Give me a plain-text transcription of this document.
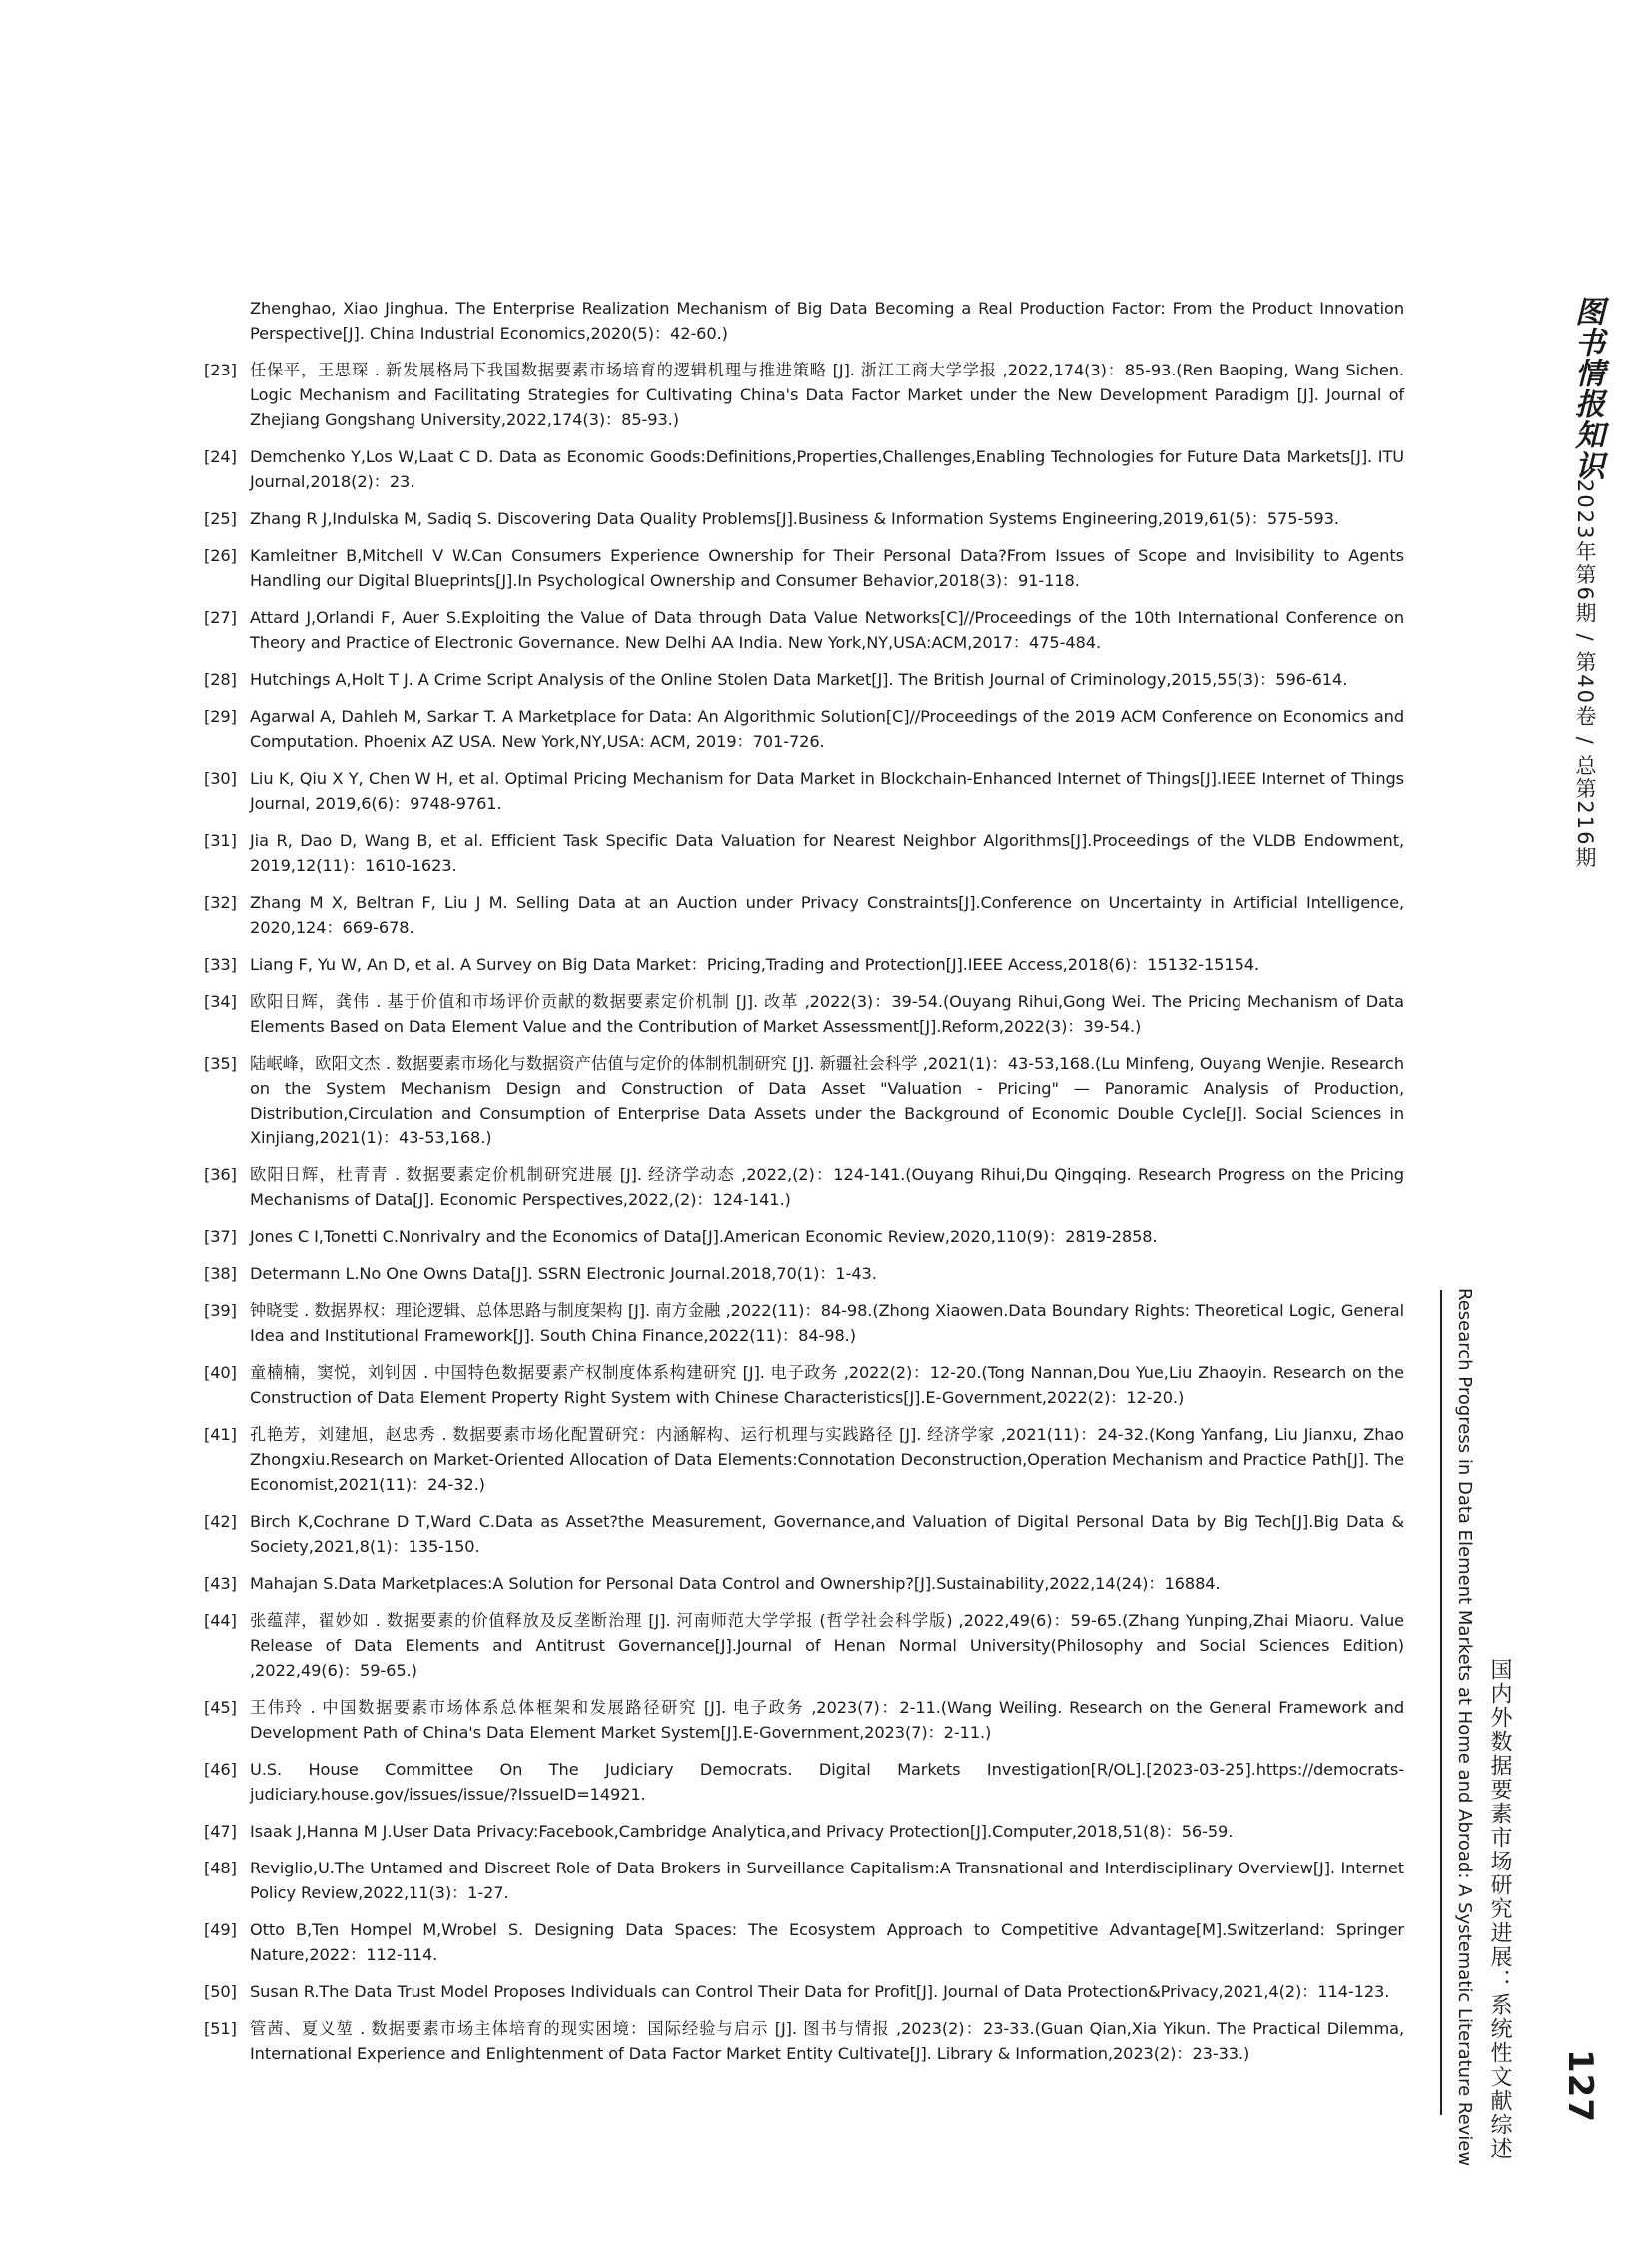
Zhenghao, Xiao Jinghua. The Enterprise Realization Mechanism of Big Data Becoming a Real Production Factor: From the Product Innovation Perspective[J]. China Industrial Economics,2020(5)：42-60.)
[23] 任保平，王思琛 . 新发展格局下我国数据要素市场培育的逻辑机理与推进策略 [J]. 浙江工商大学学报 ,2022,174(3)：85-93.(Ren Baoping, Wang Sichen. Logic Mechanism and Facilitating Strategies for Cultivating China's Data Factor Market under the New Development Paradigm [J]. Journal of Zhejiang Gongshang University,2022,174(3)：85-93.)
[24] Demchenko Y,Los W,Laat C D. Data as Economic Goods:Definitions,Properties,Challenges,Enabling Technologies for Future Data Markets[J]. ITU Journal,2018(2)：23.
[25] Zhang R J,Indulska M, Sadiq S. Discovering Data Quality Problems[J].Business & Information Systems Engineering,2019,61(5)：575-593.
[26] Kamleitner B,Mitchell V W.Can Consumers Experience Ownership for Their Personal Data?From Issues of Scope and Invisibility to Agents Handling our Digital Blueprints[J].In Psychological Ownership and Consumer Behavior,2018(3)：91-118.
[27] Attard J,Orlandi F, Auer S.Exploiting the Value of Data through Data Value Networks[C]//Proceedings of the 10th International Conference on Theory and Practice of Electronic Governance. New Delhi AA India. New York,NY,USA:ACM,2017：475-484.
[28] Hutchings A,Holt T J. A Crime Script Analysis of the Online Stolen Data Market[J]. The British Journal of Criminology,2015,55(3)：596-614.
[29] Agarwal A, Dahleh M, Sarkar T. A Marketplace for Data: An Algorithmic Solution[C]//Proceedings of the 2019 ACM Conference on Economics and Computation. Phoenix AZ USA. New York,NY,USA: ACM, 2019：701-726.
[30] Liu K, Qiu X Y, Chen W H, et al. Optimal Pricing Mechanism for Data Market in Blockchain-Enhanced Internet of Things[J].IEEE Internet of Things Journal, 2019,6(6)：9748-9761.
[31] Jia R, Dao D, Wang B, et al. Efficient Task Specific Data Valuation for Nearest Neighbor Algorithms[J].Proceedings of the VLDB Endowment, 2019,12(11)：1610-1623.
[32] Zhang M X, Beltran F, Liu J M. Selling Data at an Auction under Privacy Constraints[J].Conference on Uncertainty in Artificial Intelligence, 2020,124：669-678.
[33] Liang F, Yu W, An D, et al. A Survey on Big Data Market：Pricing,Trading and Protection[J].IEEE Access,2018(6)：15132-15154.
[34] 欧阳日辉，龚伟 . 基于价值和市场评价贡献的数据要素定价机制 [J]. 改革 ,2022(3)：39-54.(Ouyang Rihui,Gong Wei. The Pricing Mechanism of Data Elements Based on Data Element Value and the Contribution of Market Assessment[J].Reform,2022(3)：39-54.)
[35] 陆岷峰，欧阳文杰 . 数据要素市场化与数据资产估值与定价的体制机制研究 [J]. 新疆社会科学 ,2021(1)：43-53,168.(Lu Minfeng, Ouyang Wenjie. Research on the System Mechanism Design and Construction of Data Asset "Valuation - Pricing" — Panoramic Analysis of Production, Distribution,Circulation and Consumption of Enterprise Data Assets under the Background of Economic Double Cycle[J]. Social Sciences in Xinjiang,2021(1)：43-53,168.)
[36] 欧阳日辉，杜青青 . 数据要素定价机制研究进展 [J]. 经济学动态 ,2022,(2)：124-141.(Ouyang Rihui,Du Qingqing. Research Progress on the Pricing Mechanisms of Data[J]. Economic Perspectives,2022,(2)：124-141.)
[37] Jones C I,Tonetti C.Nonrivalry and the Economics of Data[J].American Economic Review,2020,110(9)：2819-2858.
[38] Determann L.No One Owns Data[J]. SSRN Electronic Journal.2018,70(1)：1-43.
[39] 钟晓雯 . 数据界权：理论逻辑、总体思路与制度架构 [J]. 南方金融 ,2022(11)：84-98.(Zhong Xiaowen.Data Boundary Rights: Theoretical Logic, General Idea and Institutional Framework[J]. South China Finance,2022(11)：84-98.)
[40] 童楠楠，窦悦，刘钊因 . 中国特色数据要素产权制度体系构建研究 [J]. 电子政务 ,2022(2)：12-20.(Tong Nannan,Dou Yue,Liu Zhaoyin. Research on the Construction of Data Element Property Right System with Chinese Characteristics[J].E-Government,2022(2)：12-20.)
[41] 孔艳芳，刘建旭，赵忠秀 . 数据要素市场化配置研究：内涵解构、运行机理与实践路径 [J]. 经济学家 ,2021(11)：24-32.(Kong Yanfang, Liu Jianxu, Zhao Zhongxiu.Research on Market-Oriented Allocation of Data Elements:Connotation Deconstruction,Operation Mechanism and Practice Path[J]. The Economist,2021(11)：24-32.)
[42] Birch K,Cochrane D T,Ward C.Data as Asset?the Measurement, Governance,and Valuation of Digital Personal Data by Big Tech[J].Big Data & Society,2021,8(1)：135-150.
[43] Mahajan S.Data Marketplaces:A Solution for Personal Data Control and Ownership?[J].Sustainability,2022,14(24)：16884.
[44] 张蕴萍，翟妙如 . 数据要素的价值释放及反垄断治理 [J]. 河南师范大学学报 (哲学社会科学版) ,2022,49(6)：59-65.(Zhang Yunping,Zhai Miaoru. Value Release of Data Elements and Antitrust Governance[J].Journal of Henan Normal University(Philosophy and Social Sciences Edition) ,2022,49(6)：59-65.)
[45] 王伟玲 . 中国数据要素市场体系总体框架和发展路径研究 [J]. 电子政务 ,2023(7)：2-11.(Wang Weiling. Research on the General Framework and Development Path of China's Data Element Market System[J].E-Government,2023(7)：2-11.)
[46] U.S. House Committee On The Judiciary Democrats. Digital Markets Investigation[R/OL].[2023-03-25].https://democrats-judiciary.house.gov/issues/issue/?IssueID=14921.
[47] Isaak J,Hanna M J.User Data Privacy:Facebook,Cambridge Analytica,and Privacy Protection[J].Computer,2018,51(8)：56-59.
[48] Reviglio,U.The Untamed and Discreet Role of Data Brokers in Surveillance Capitalism:A Transnational and Interdisciplinary Overview[J]. Internet Policy Review,2022,11(3)：1-27.
[49] Otto B,Ten Hompel M,Wrobel S. Designing Data Spaces: The Ecosystem Approach to Competitive Advantage[M].Switzerland: Springer Nature,2022：112-114.
[50] Susan R.The Data Trust Model Proposes Individuals can Control Their Data for Profit[J]. Journal of Data Protection&Privacy,2021,4(2)：114-123.
[51] 管茜、夏义堃 . 数据要素市场主体培育的现实困境：国际经验与启示 [J]. 图书与情报 ,2023(2)：23-33.(Guan Qian,Xia Yikun. The Practical Dilemma, International Experience and Enlightenment of Data Factor Market Entity Cultivate[J]. Library & Information,2023(2)：23-33.)
图书情报知识
2023年第6期 / 第40卷 / 总第216期
Research Progress in Data Element Markets at Home and Abroad: A Systematic Literature Review 国内外数据要素市场研究进展：系统性文献综述 127
